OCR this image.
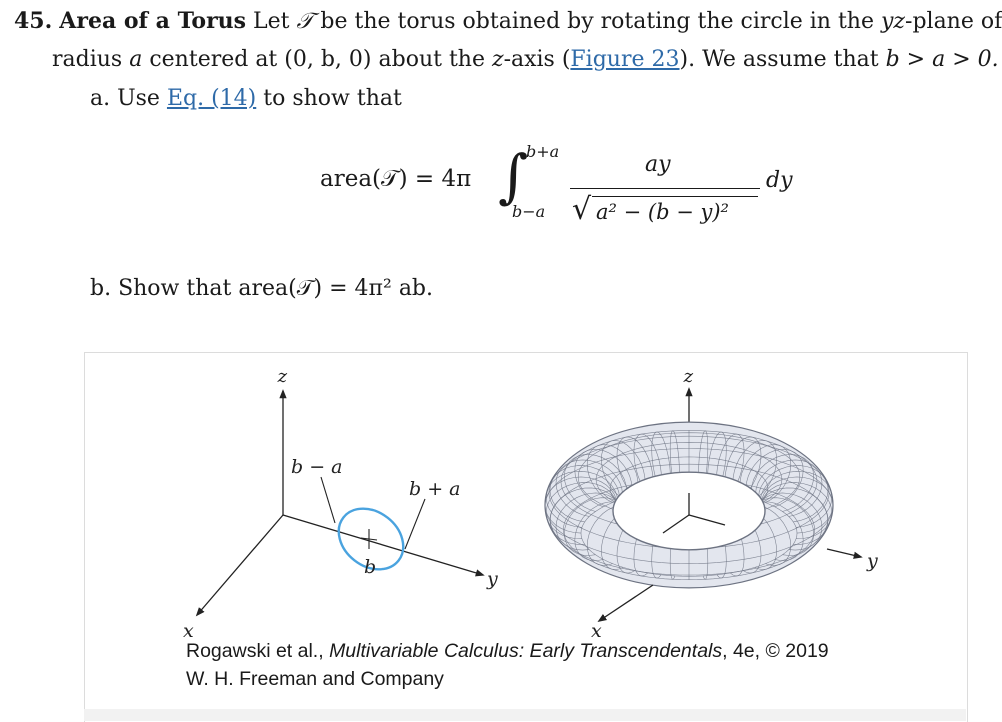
45. Area of a Torus Let 𝒯 be the torus obtained by rotating the circle in the yz-plane of
radius a centered at (0, b, 0) about the z-axis (Figure 23). We assume that b > a > 0.
a. Use Eq. (14) to show that
area(𝒯) = 4π ∫
b+a
b−a
ay
√ a² − (b − y)²
dy
b. Show that area(𝒯) = 4π² ab.
z
x
y
b − a
b + a
b
z
x
y
Rogawski et al., Multivariable Calculus: Early Transcendentals, 4e, © 2019
W. H. Freeman and Company
